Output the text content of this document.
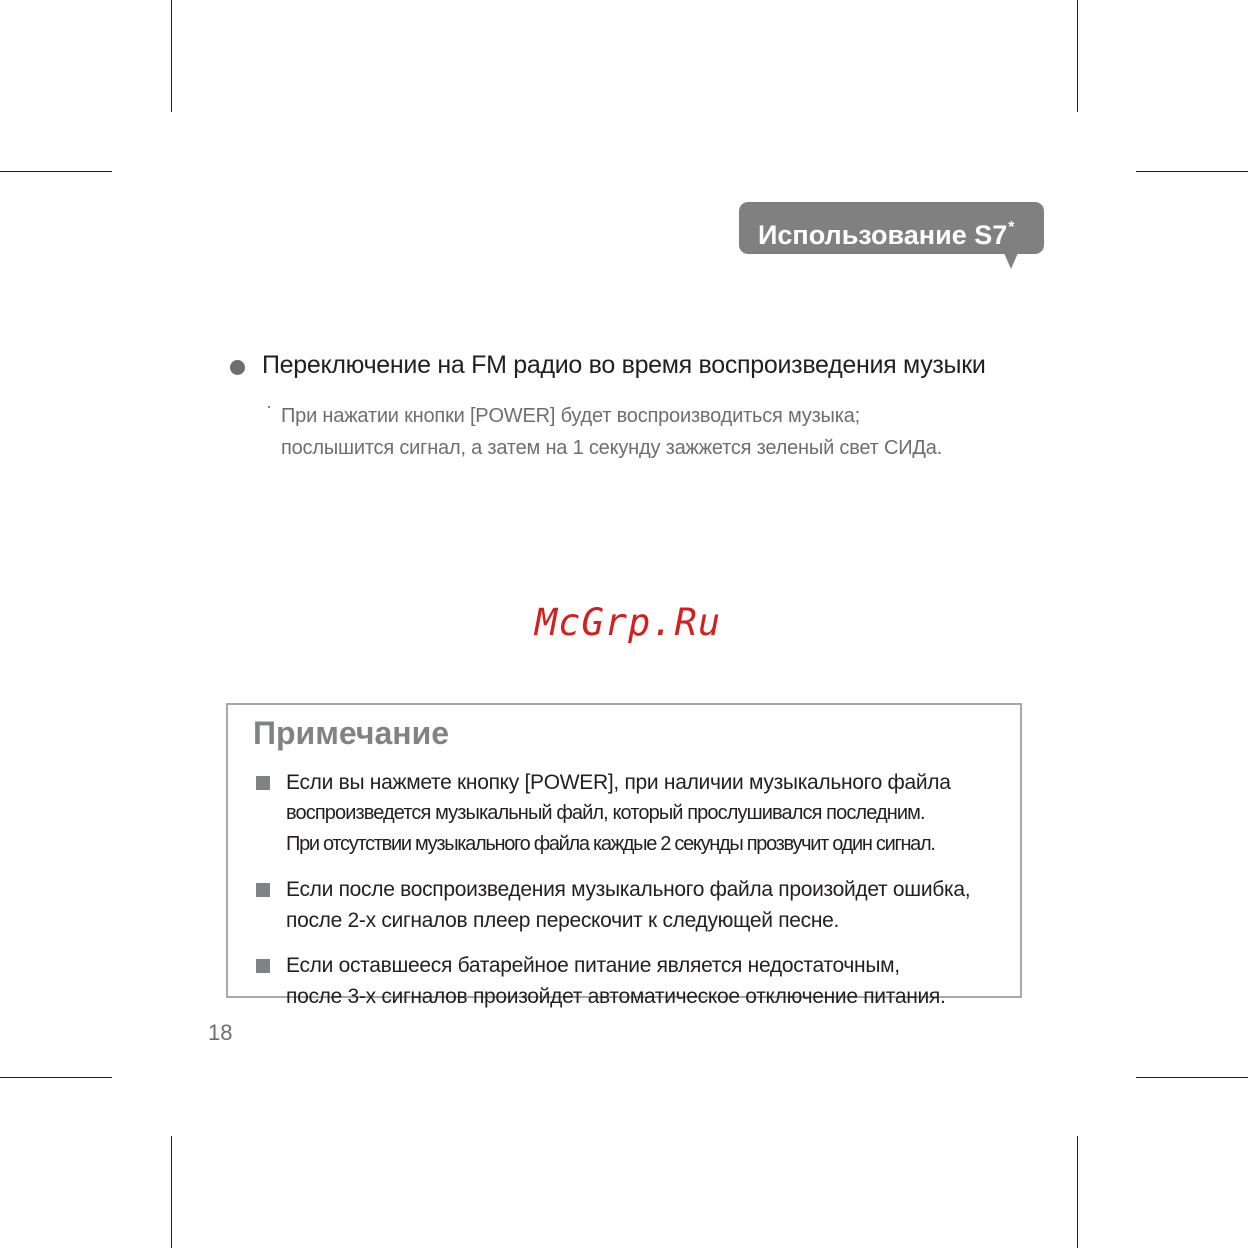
Использование S7*
Переключение на FM радио во время воспроизведения музыки
· При нажатии кнопки [POWER] будет воспроизводиться музыка;
послышится сигнал, а затем на 1 секунду зажжется зеленый свет СИДа.
McGrp.Ru
Примечание
Если вы нажмете кнопку [POWER], при наличии музыкального файла
воспроизведется музыкальный файл, который прослушивался последним.
При отсутствии музыкального файла каждые 2 секунды прозвучит один сигнал.
Если после воспроизведения музыкального файла произойдет ошибка,
после 2-х сигналов плеер перескочит к следующей песне.
Если оставшееся батарейное питание является недостаточным,
после 3-х сигналов произойдет автоматическое отключение питания.
18
